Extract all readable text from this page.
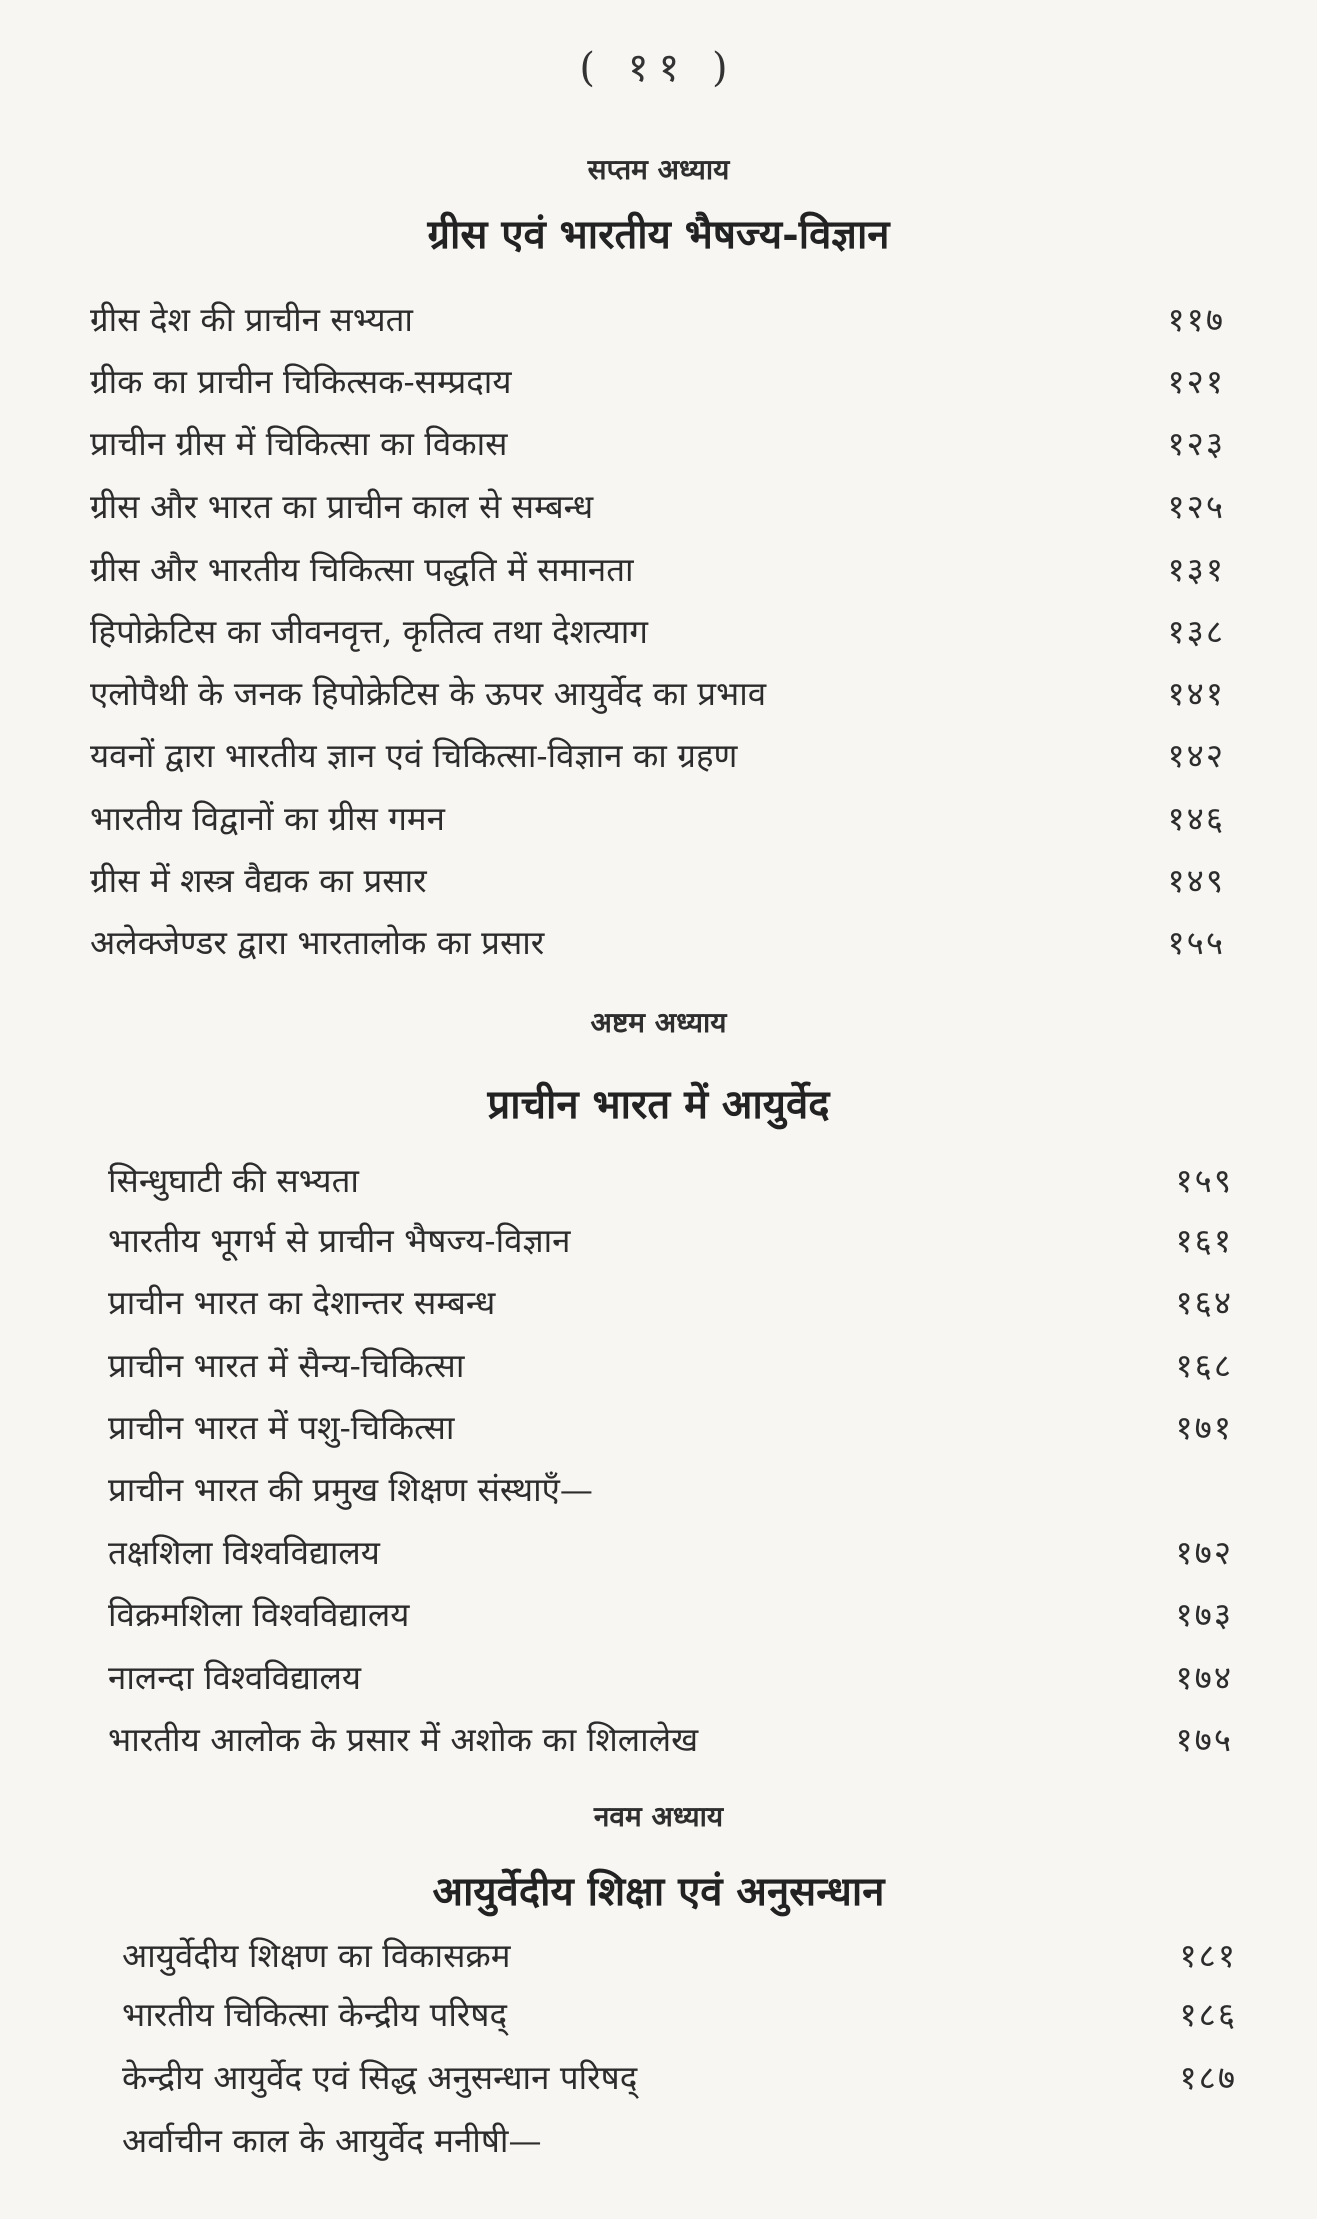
( ११ )
सप्तम अध्याय
ग्रीस एवं भारतीय भैषज्य-विज्ञान
ग्रीस देश की प्राचीन सभ्यता	११७
ग्रीक का प्राचीन चिकित्सक-सम्प्रदाय	१२१
प्राचीन ग्रीस में चिकित्सा का विकास	१२३
ग्रीस और भारत का प्राचीन काल से सम्बन्ध	१२५
ग्रीस और भारतीय चिकित्सा पद्धति में समानता	१३१
हिपोक्रेटिस का जीवनवृत्त, कृतित्व तथा देशत्याग	१३८
एलोपैथी के जनक हिपोक्रेटिस के ऊपर आयुर्वेद का प्रभाव	१४१
यवनों द्वारा भारतीय ज्ञान एवं चिकित्सा-विज्ञान का ग्रहण	१४२
भारतीय विद्वानों का ग्रीस गमन	१४६
ग्रीस में शस्त्र वैद्यक का प्रसार	१४९
अलेक्जेण्डर द्वारा भारतालोक का प्रसार	१५५
अष्टम अध्याय
प्राचीन भारत में आयुर्वेद
सिन्धुघाटी की सभ्यता	१५९
भारतीय भूगर्भ से प्राचीन भैषज्य-विज्ञान	१६१
प्राचीन भारत का देशान्तर सम्बन्ध	१६४
प्राचीन भारत में सैन्य-चिकित्सा	१६८
प्राचीन भारत में पशु-चिकित्सा	१७१
प्राचीन भारत की प्रमुख शिक्षण संस्थाएँ—
तक्षशिला विश्वविद्यालय	१७२
विक्रमशिला विश्वविद्यालय	१७३
नालन्दा विश्वविद्यालय	१७४
भारतीय आलोक के प्रसार में अशोक का शिलालेख	१७५
नवम अध्याय
आयुर्वेदीय शिक्षा एवं अनुसन्धान
आयुर्वेदीय शिक्षण का विकासक्रम	१८१
भारतीय चिकित्सा केन्द्रीय परिषद्	१८६
केन्द्रीय आयुर्वेद एवं सिद्ध अनुसन्धान परिषद्	१८७
अर्वाचीन काल के आयुर्वेद मनीषी—
